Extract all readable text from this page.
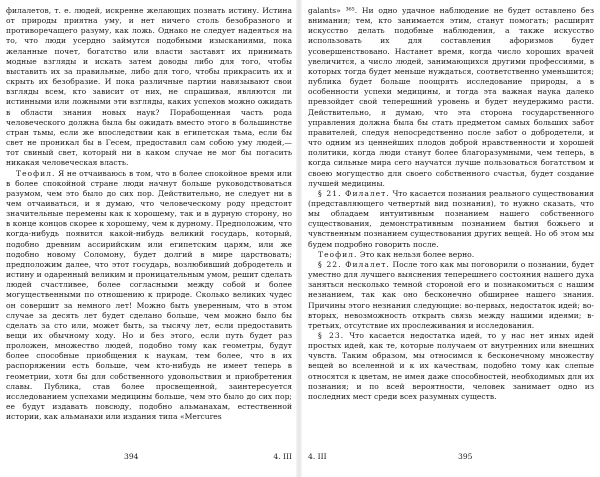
филалетов, т. е. людей, искренне желающих познать истину. Истина от природы приятна уму, и нет ничего столь безобразного и противоречащего разуму, как ложь. Однако не следует надеяться на то, что люди усердно займутся подобными изысканиями, пока желанные почет, богатство или власти заставят их принимать модные взгляды и искать затем доводы либо для того, чтобы выставить их за правильные, либо для того, чтобы прикрасить их и скрыть их безобразие. И пока различные партии навязывают свои взгляды всем, кто зависит от них, не спрашивая, являются ли истинными или ложными эти взгляды, каких успехов можно ожидать в области знания новых наук? Порабощенная часть рода человеческого должна была бы ожидать вместо этого в большинстве стран тьмы, если же впоследствии как в египетская тьма, если бы свет не проникал бы в Гесем, предоставил сам собою уму людей,— тот свиный свет, который ни в каком случае не мог бы погасить никакая человеческая власть.

Теофил. Я не отчаиваюсь в том, что в более спокойное время или в более спокойной стране люди начнут больше руководствоваться разумом, чем это было до сих пор. Действительно, не следует ни в чем отчаиваться, и я думаю, что человеческому роду предстоят значительные перемены как к хорошему, так и в дурную сторону, но в конце концов скорее к хорошему, чем к дурному. Предположим, что когда-нибудь появится какой-нибудь великий государь, который, подобно древним ассирийским или египетским царям, или же подобно новому Соломону, будет долгий в мире царствовать; предположим далее, что этот государь, возлюбивший добродетель и истину и одаренный великим и проницательным умом, решит сделать людей счастливее, более согласными между собой и более могущественными по отношению к природе. Сколько великих чудес он совершит за немного лет! Можно быть уверенным, что в этом случае за десять лет будет сделано больше, чем можно было бы сделать за сто или, может быть, за тысячу лет, если предоставить вещи их обычному ходу. Но и без этого, если путь будет раз проложен, множество людей, подобно тому как геометры, будут более способные приобщения к наукам, тем более, что в их распоряжении есть больше, чем кто-нибудь не имеет теперь в геометрии, хотя бы для собственного удовольствия и приобретения славы. Публика, став более просвещенной, заинтересуется исследованием успехами медицины больше, чем это было до сих пор; ее будут издавать повсюду, подобно альманахам, естественной истории, как альманахи или издания типа «Mercures

394	4. III

galants» ³⁶⁵. Ни одно удачное наблюдение не будет оставлено без внимания; тем, кто занимается этим, станут помогать; расширят искусство делать подобные наблюдения, а также искусство использовать их для составления афоризмов будет усовершенствовано. Настанет время, когда число хороших врачей увеличится, а число людей, занимающихся другими профессиями, в которых тогда будет меньше нуждаться, соответственно уменьшится; публика будет больше поощрять исследование природы, а в особенности успехи медицины, и тогда эта важная наука далеко превзойдет свой теперешний уровень и будет неудержимо расти. Действительно, я думаю, что эта сторона государственного управления должна была бы стать предметом самых больших забот правителей, следуя непосредственно после забот о добродетели, и что одним из ценнейших плодов доброй нравственности и хорошей политики, когда люди станут более благоразумными, чем теперь, в когда сильные мира сего научатся лучше пользоваться богатством и своею могущество для своего собственного счастья, будет создание лучшей медицины.

§ 21. Филалет. Что касается познания реального существования (представляющего четвертый вид познания), то нужно сказать, что мы обладаем интуитивным познанием нашего собственного существования, демонстративным познанием бытия божьего и чувственным познанием существования других вещей. Но об этом мы будем подробно говорить после.

Теофил. Это как нельзя более верно.

§ 22. Филалет. После того как мы поговорили о познании, будет уместно для лучшего выяснения теперешнего состояния нашего духа заняться несколько темной стороной его и познакомиться с нашим незнанием, так как оно бесконечно обширнее нашего знания. Причины этого незнания следующие: во-первых, недостаток идей; во-вторых, невозможность открыть связь между нашими идеями; в-третьих, отсутствие их прослеживания и исследования.

§ 23. Что касается недостатка идей, то у нас нет иных идей простых идей, как те, которые получаем от внутренних или внешних чувств. Таким образом, мы относимся к бесконечному множеству вещей во вселенной и к их качествам, подобно тому как слепые относятся к цветам, не имея даже способностей, необходимых для их познания; и по всей вероятности, человек занимает одно из последних мест среди всех разумных существ.

4. III	395
